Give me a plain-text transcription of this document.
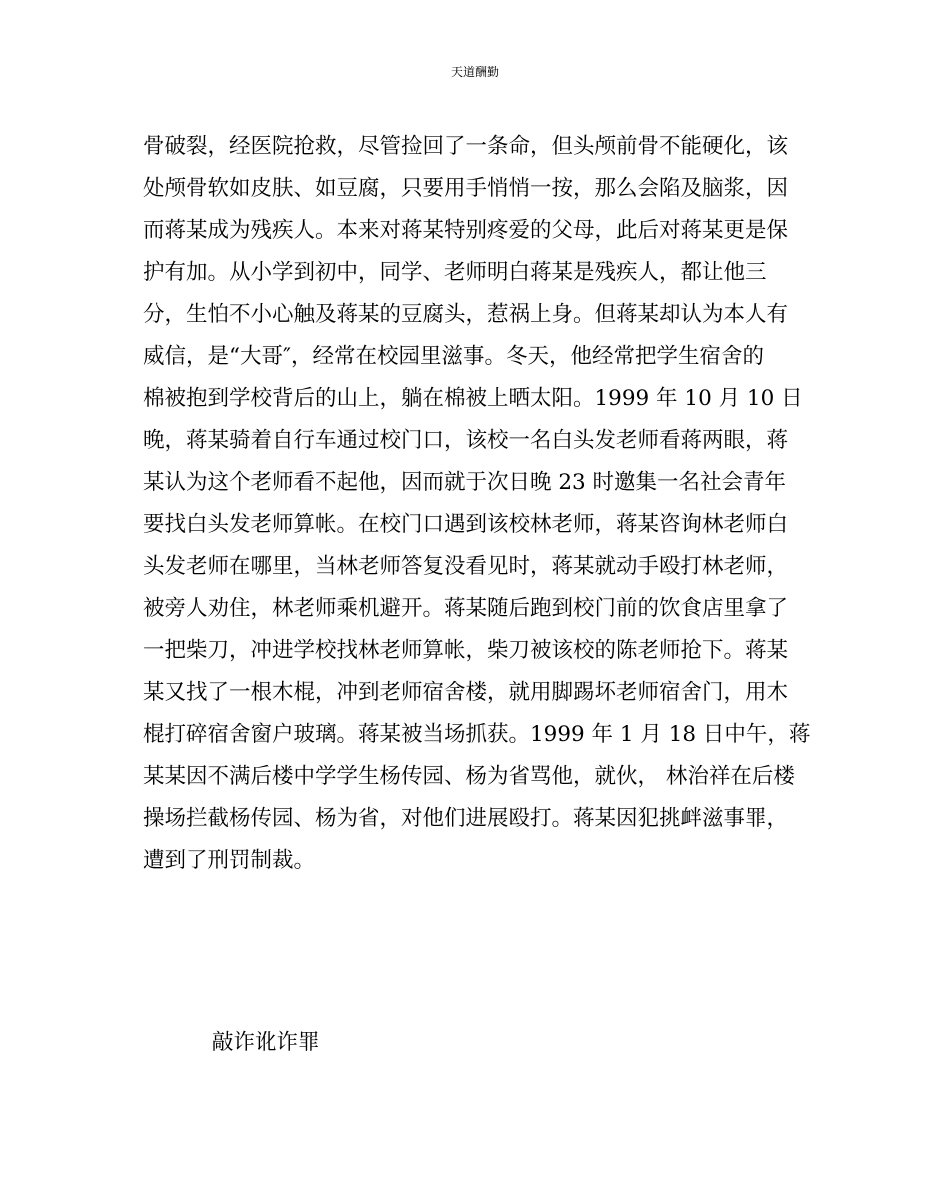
天道酬勤
骨破裂，经医院抢救，尽管捡回了一条命，但头颅前骨不能硬化，该
处颅骨软如皮肤、如豆腐，只要用手悄悄一按，那么会陷及脑浆，因
而蒋某成为残疾人。本来对蒋某特别疼爱的父母，此后对蒋某更是保
护有加。从小学到初中，同学、老师明白蒋某是残疾人，都让他三
分，生怕不小心触及蒋某的豆腐头，惹祸上身。但蒋某却认为本人有
威信，是“大哥″，经常在校园里滋事。冬天，他经常把学生宿舍的
棉被抱到学校背后的山上，躺在棉被上晒太阳。1999 年 10 月 10 日
晚，蒋某骑着自行车通过校门口，该校一名白头发老师看蒋两眼，蒋
某认为这个老师看不起他，因而就于次日晚 23 时邀集一名社会青年
要找白头发老师算帐。在校门口遇到该校林老师，蒋某咨询林老师白
头发老师在哪里，当林老师答复没看见时，蒋某就动手殴打林老师，
被旁人劝住，林老师乘机避开。蒋某随后跑到校门前的饮食店里拿了
一把柴刀，冲进学校找林老师算帐，柴刀被该校的陈老师抢下。蒋某
某又找了一根木棍，冲到老师宿舍楼，就用脚踢坏老师宿舍门，用木
棍打碎宿舍窗户玻璃。蒋某被当场抓获。1999 年 1 月 18 日中午，蒋
某某因不满后楼中学学生杨传园、杨为省骂他，就伙， 林治祥在后楼
操场拦截杨传园、杨为省，对他们进展殴打。蒋某因犯挑衅滋事罪，
遭到了刑罚制裁。
敲诈讹诈罪
